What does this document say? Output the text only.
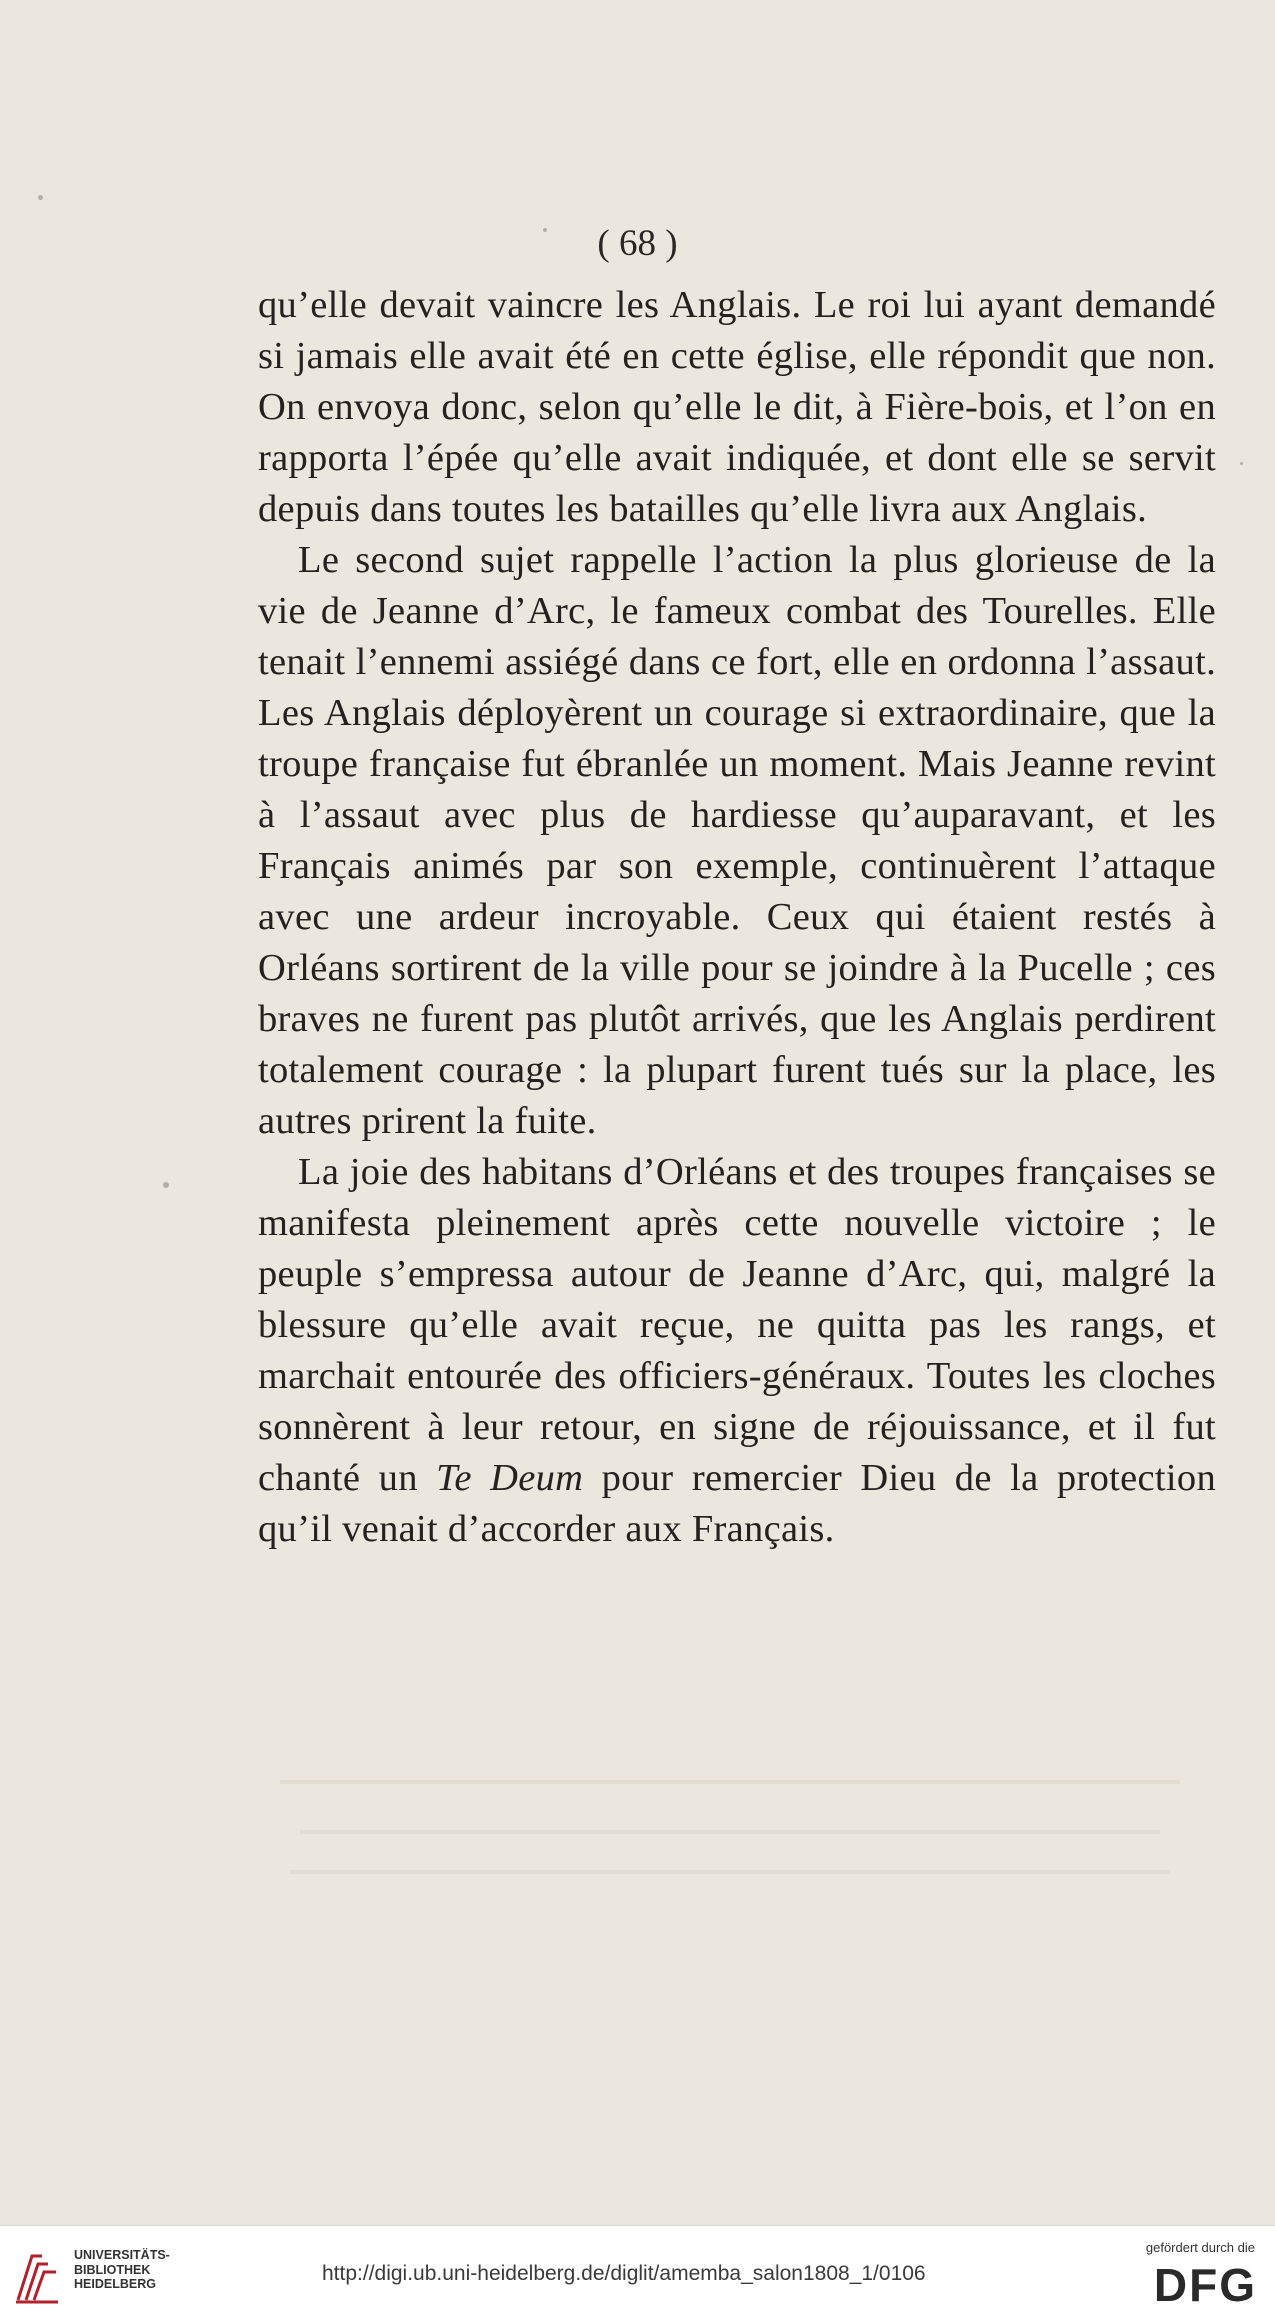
( 68 )

qu’elle devait vaincre les Anglais. Le roi lui ayant demandé si jamais elle avait été en cette église, elle répondit que non. On envoya donc, selon qu’elle le dit, à Fière-bois, et l’on en rapporta l’épée qu’elle avait indiquée, et dont elle se servit depuis dans toutes les batailles qu’elle livra aux Anglais.

Le second sujet rappelle l’action la plus glorieuse de la vie de Jeanne d’Arc, le fameux combat des Tourelles. Elle tenait l’ennemi assiégé dans ce fort, elle en ordonna l’assaut. Les Anglais déployèrent un courage si extraordinaire, que la troupe française fut ébranlée un moment. Mais Jeanne revint à l’assaut avec plus de hardiesse qu’auparavant, et les Français animés par son exemple, continuèrent l’attaque avec une ardeur incroyable. Ceux qui étaient restés à Orléans sortirent de la ville pour se joindre à la Pucelle ; ces braves ne furent pas plutôt arrivés, que les Anglais perdirent totalement courage : la plupart furent tués sur la place, les autres prirent la fuite.

La joie des habitans d’Orléans et des troupes françaises se manifesta pleinement après cette nouvelle victoire ; le peuple s’empressa autour de Jeanne d’Arc, qui, malgré la blessure qu’elle avait reçue, ne quitta pas les rangs, et marchait entourée des officiers-généraux. Toutes les cloches sonnèrent à leur retour, en signe de réjouissance, et il fut chanté un Te Deum pour remercier Dieu de la protection qu’il venait d’accorder aux Français.

UNIVERSITÄTS-
BIBLIOTHEK
HEIDELBERG	http://digi.ub.uni-heidelberg.de/diglit/amemba_salon1808_1/0106
gefördert durch die
DFG
